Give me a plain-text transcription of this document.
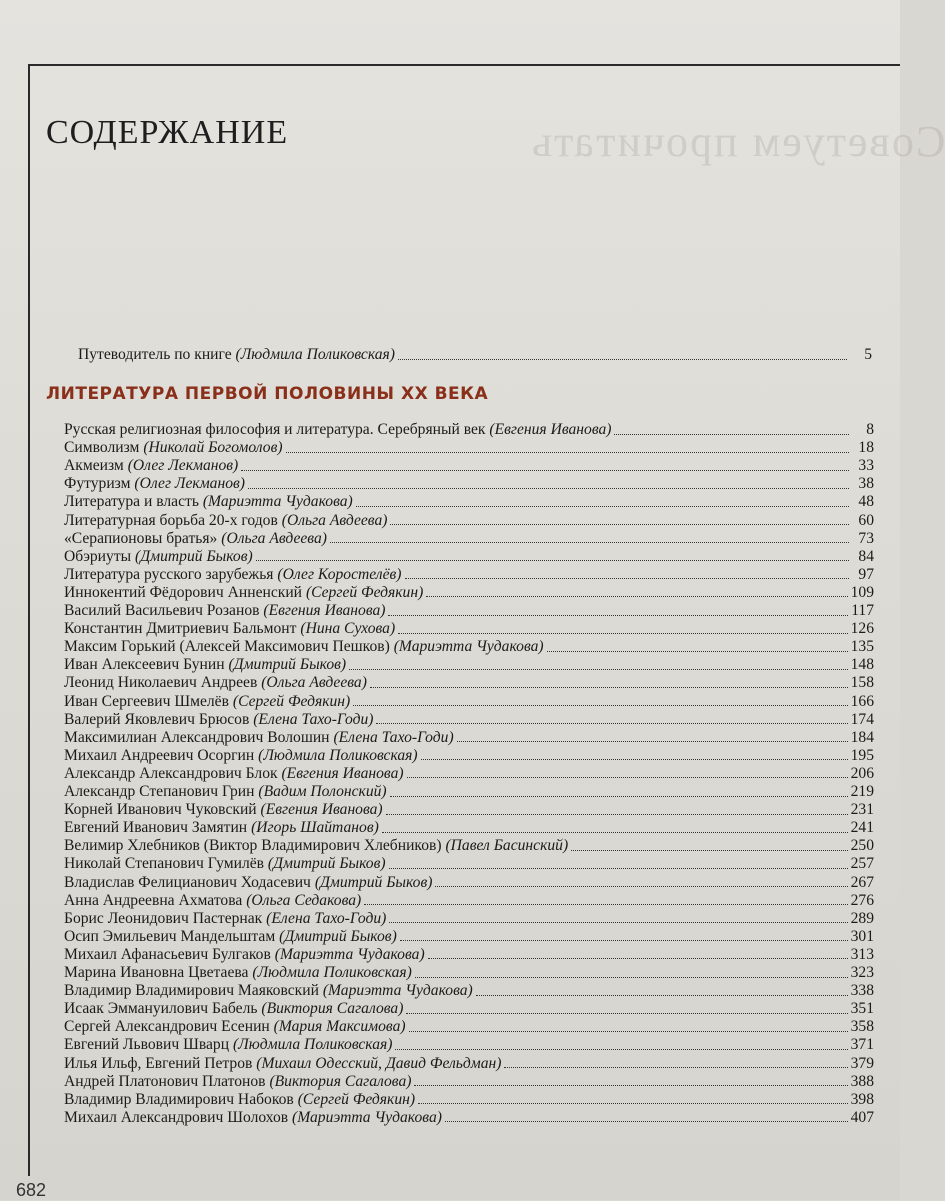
Советуем прочитать
содержание
Путеводитель по книге (Людмила Поликовская)	5
ЛИТЕРАТУРА ПЕРВОЙ ПОЛОВИНЫ XX ВЕКА
Русская религиозная философия и литература. Серебряный век (Евгения Иванова)	8
Символизм (Николай Богомолов)	18
Акмеизм (Олег Лекманов)	33
Футуризм (Олег Лекманов)	38
Литература и власть (Мариэтта Чудакова)	48
Литературная борьба 20-х годов (Ольга Авдеева)	60
«Серапионовы братья» (Ольга Авдеева)	73
Обэриуты (Дмитрий Быков)	84
Литература русского зарубежья (Олег Коростелёв)	97
Иннокентий Фёдорович Анненский (Сергей Федякин)	109
Василий Васильевич Розанов (Евгения Иванова)	117
Константин Дмитриевич Бальмонт (Нина Сухова)	126
Максим Горький (Алексей Максимович Пешков) (Мариэтта Чудакова)	135
Иван Алексеевич Бунин (Дмитрий Быков)	148
Леонид Николаевич Андреев (Ольга Авдеева)	158
Иван Сергеевич Шмелёв (Сергей Федякин)	166
Валерий Яковлевич Брюсов (Елена Тахо-Годи)	174
Максимилиан Александрович Волошин (Елена Тахо-Годи)	184
Михаил Андреевич Осоргин (Людмила Поликовская)	195
Александр Александрович Блок (Евгения Иванова)	206
Александр Степанович Грин (Вадим Полонский)	219
Корней Иванович Чуковский (Евгения Иванова)	231
Евгений Иванович Замятин (Игорь Шайтанов)	241
Велимир Хлебников (Виктор Владимирович Хлебников) (Павел Басинский)	250
Николай Степанович Гумилёв (Дмитрий Быков)	257
Владислав Фелицианович Ходасевич (Дмитрий Быков)	267
Анна Андреевна Ахматова (Ольга Седакова)	276
Борис Леонидович Пастернак (Елена Тахо-Годи)	289
Осип Эмильевич Мандельштам (Дмитрий Быков)	301
Михаил Афанасьевич Булгаков (Мариэтта Чудакова)	313
Марина Ивановна Цветаева (Людмила Поликовская)	323
Владимир Владимирович Маяковский (Мариэтта Чудакова)	338
Исаак Эммануилович Бабель (Виктория Сагалова)	351
Сергей Александрович Есенин (Мария Максимова)	358
Евгений Львович Шварц (Людмила Поликовская)	371
Илья Ильф, Евгений Петров (Михаил Одесский, Давид Фельдман)	379
Андрей Платонович Платонов (Виктория Сагалова)	388
Владимир Владимирович Набоков (Сергей Федякин)	398
Михаил Александрович Шолохов (Мариэтта Чудакова)	407
682
